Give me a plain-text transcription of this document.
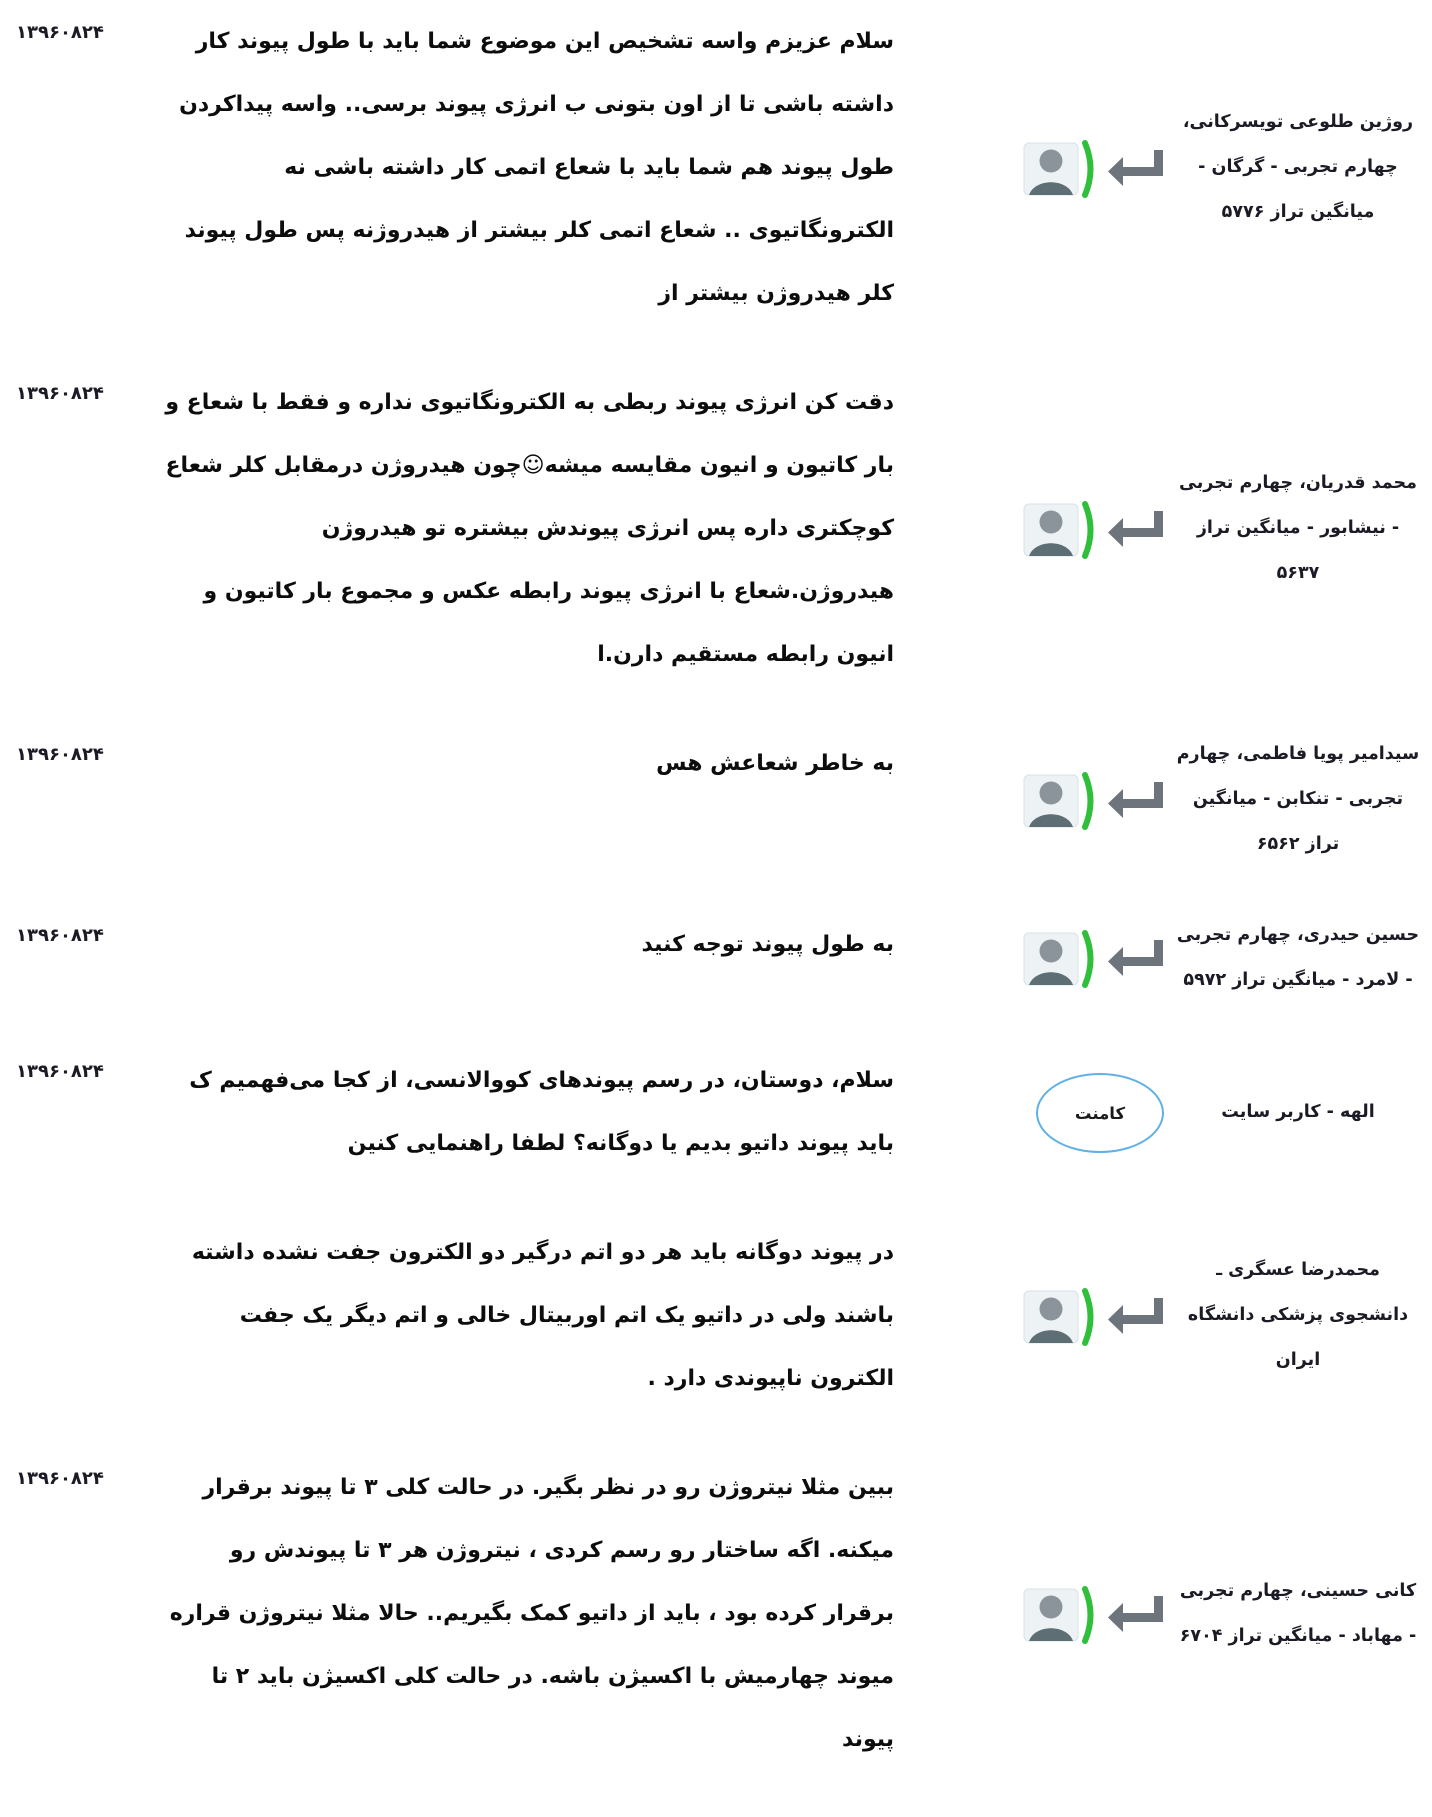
روژین طلوعی تویسرکانی، چهارم تجربی - گرگان - میانگین تراز ۵۷۷۶
سلام عزیزم واسه تشخیص این موضوع شما باید با طول پیوند کار داشته باشی تا از اون بتونی ب انرژی پیوند برسی.. واسه پیداکردن طول پیوند هم شما باید با شعاع اتمی کار داشته باشی نه الکترونگاتیوی .. شعاع اتمی کلر بیشتر از هیدروژنه پس طول پیوند کلر هیدروژن بیشتر از
۱۳۹۶۰۸۲۴
محمد قدریان، چهارم تجربی - نیشابور - میانگین تراز ۵۶۳۷
دقت کن انرژی پیوند ربطی به الکترونگاتیوی نداره و فقط با شعاع و بار کاتیون و انیون مقایسه میشه☺چون هیدروژن درمقابل کلر شعاع کوچکتری داره پس انرژی پیوندش بیشتره تو هیدروژن هیدروژن.شعاع با انرژی پیوند رابطه عکس و مجموع بار کاتیون و انیون رابطه مستقیم دارن.ا
۱۳۹۶۰۸۲۴
سیدامیر پویا فاطمی، چهارم تجربی - تنکابن - میانگین تراز ۶۵۶۲
به خاطر شعاعش هس
۱۳۹۶۰۸۲۴
حسین حیدری، چهارم تجربی - لامرد - میانگین تراز ۵۹۷۲
به طول پیوند توجه کنید
۱۳۹۶۰۸۲۴
الهه - کاربر سایت
کامنت
سلام، دوستان، در رسم پیوندهای کووالانسی، از کجا می‌فهمیم ک باید پیوند داتیو بدیم یا دوگانه؟ لطفا راهنمایی کنین
۱۳۹۶۰۸۲۴
محمدرضا عسگری ـ دانشجوی پزشکی دانشگاه ایران
در پیوند دوگانه باید هر دو اتم درگیر دو الکترون جفت نشده داشته باشند ولی در داتیو یک اتم اوربیتال خالی و اتم دیگر یک جفت الکترون ناپیوندی دارد .
کانی حسینی، چهارم تجربی - مهاباد - میانگین تراز ۶۷۰۴
ببین مثلا نیتروژن رو در نظر بگیر. در حالت کلی ۳ تا پیوند برقرار میکنه. اگه ساختار رو رسم کردی ، نیتروژن هر ۳ تا پیوندش رو برقرار کرده بود ، باید از داتیو کمک بگیریم.. حالا مثلا نیتروژن قراره میوند چهارمیش با اکسیژن باشه. در حالت کلی اکسیژن باید ۲ تا پیوند
۱۳۹۶۰۸۲۴
